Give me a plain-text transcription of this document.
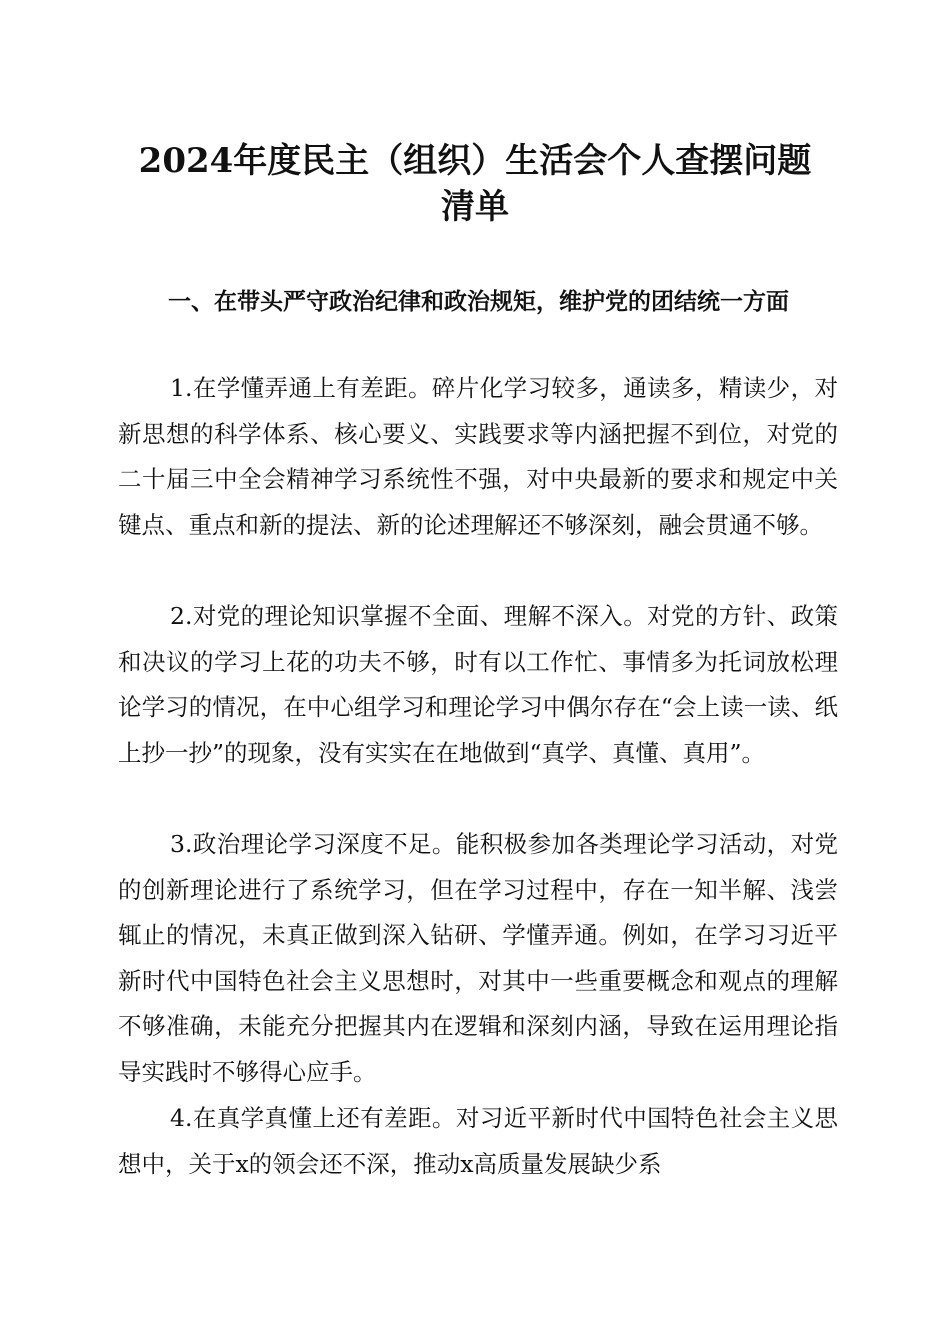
2024年度民主（组织）生活会个人查摆问题
清单

一、在带头严守政治纪律和政治规矩，维护党的团结统一方面

1.在学懂弄通上有差距。碎片化学习较多，通读多，精读少，对新思想的科学体系、核心要义、实践要求等内涵把握不到位，对党的二十届三中全会精神学习系统性不强，对中央最新的要求和规定中关键点、重点和新的提法、新的论述理解还不够深刻，融会贯通不够。

2.对党的理论知识掌握不全面、理解不深入。对党的方针、政策和决议的学习上花的功夫不够，时有以工作忙、事情多为托词放松理论学习的情况，在中心组学习和理论学习中偶尔存在“会上读一读、纸上抄一抄”的现象，没有实实在在地做到“真学、真懂、真用”。

3.政治理论学习深度不足。能积极参加各类理论学习活动，对党的创新理论进行了系统学习，但在学习过程中，存在一知半解、浅尝辄止的情况，未真正做到深入钻研、学懂弄通。例如，在学习习近平新时代中国特色社会主义思想时，对其中一些重要概念和观点的理解不够准确，未能充分把握其内在逻辑和深刻内涵，导致在运用理论指导实践时不够得心应手。

4.在真学真懂上还有差距。对习近平新时代中国特色社会主义思想中，关于x的领会还不深，推动x高质量发展缺少系
